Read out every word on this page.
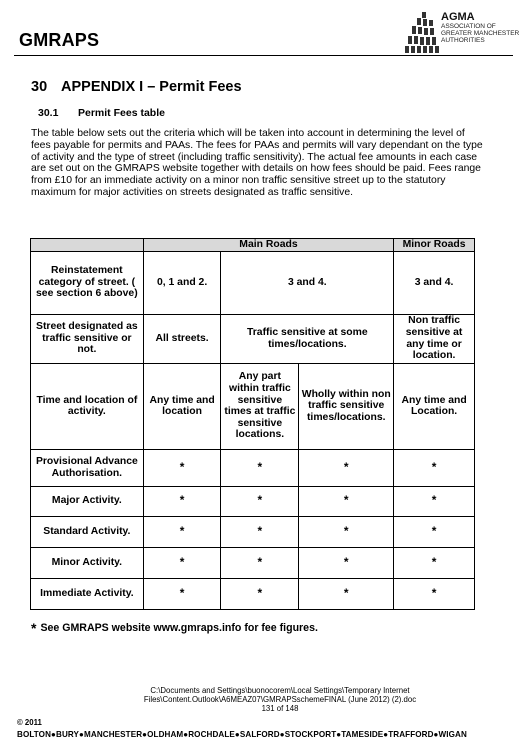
GMRAPS
AGMA
ASSOCIATION OF
GREATER MANCHESTER
AUTHORITIES
30 APPENDIX I – Permit Fees
30.1 Permit Fees table
The table below sets out the criteria which will be taken into account in determining the level of fees payable for permits and PAAs. The fees for PAAs and permits will vary dependant on the type of activity and the type of street (including traffic sensitivity). The actual fee amounts in each case are set out on the GMRAPS website together with details on how fees should be paid. Fees range from £10 for an immediate activity on a minor non traffic sensitive street up to the statutory maximum for major activities on streets designated as traffic sensitive.
	Main Roads			Minor Roads
Reinstatement category of street. ( see section 6 above)	0, 1 and 2.	3 and 4.		3 and 4.
Street designated as traffic sensitive or not.	All streets.	Traffic sensitive at some times/locations.		Non traffic sensitive at any time or location.
Time and location of activity.	Any time and location	Any part within traffic sensitive times at traffic sensitive locations.	Wholly within non traffic sensitive times/locations.	Any time and Location.
Provisional Advance Authorisation.	*	*	*	*
Major Activity.	*	*	*	*
Standard Activity.	*	*	*	*
Minor Activity.	*	*	*	*
Immediate Activity.	*	*	*	*
* See GMRAPS website www.gmraps.info for fee figures.
C:\Documents and Settings\buonocorem\Local Settings\Temporary Internet
Files\Content.Outlook\A6MEAZ07\GMRAPSschemeFINAL (June 2012) (2).doc
131 of 148
© 2011
BOLTON●BURY●MANCHESTER●OLDHAM●ROCHDALE●SALFORD●STOCKPORT●TAMESIDE●TRAFFORD●WIGAN
